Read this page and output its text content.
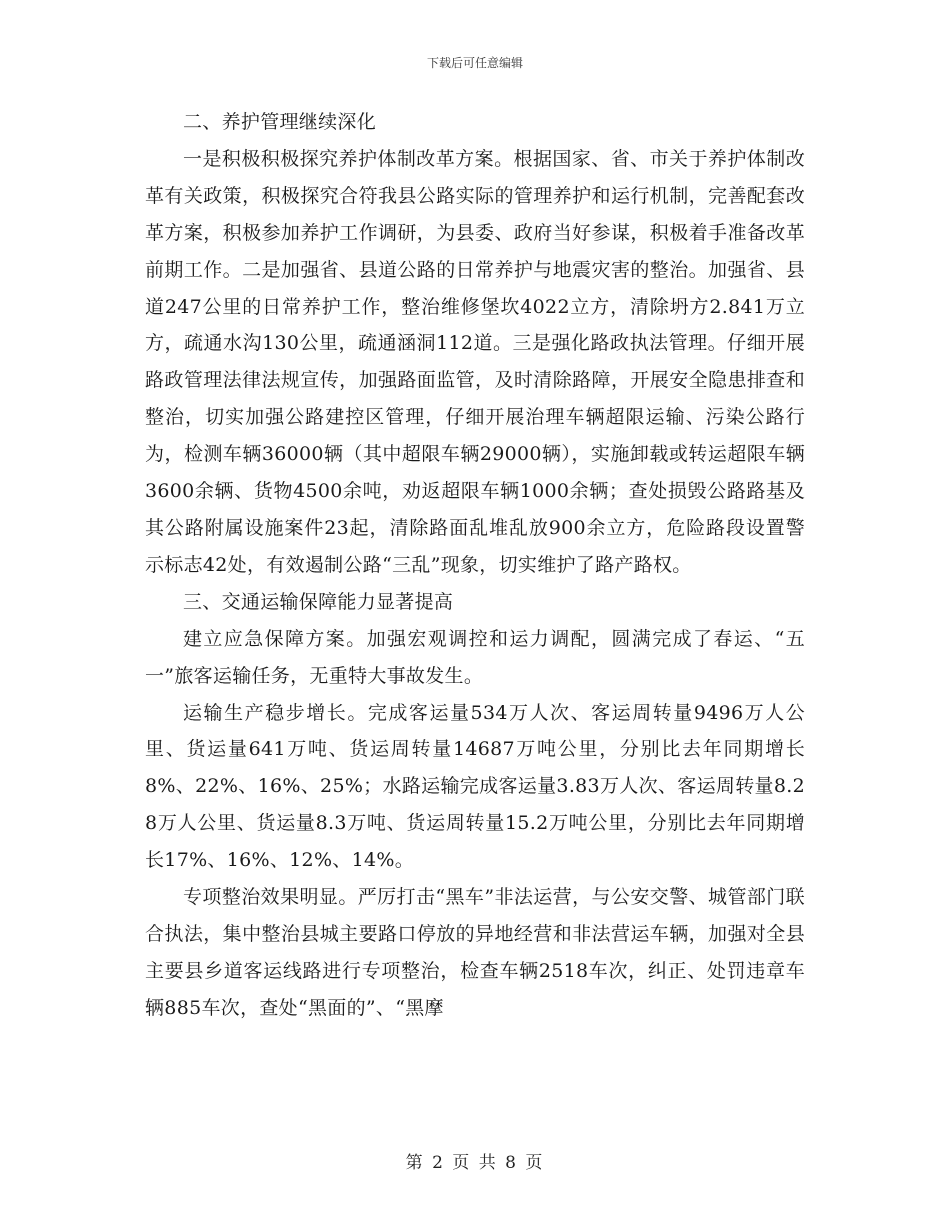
下载后可任意编辑

二、养护管理继续深化

一是积极积极探究养护体制改革方案。根据国家、省、市关于养护体制改革有关政策，积极探究合符我县公路实际的管理养护和运行机制，完善配套改革方案，积极参加养护工作调研，为县委、政府当好参谋，积极着手准备改革前期工作。二是加强省、县道公路的日常养护与地震灾害的整治。加强省、县道247公里的日常养护工作，整治维修堡坎4022立方，清除坍方2.841万立方，疏通水沟130公里，疏通涵洞112道。三是强化路政执法管理。仔细开展路政管理法律法规宣传，加强路面监管，及时清除路障，开展安全隐患排查和整治，切实加强公路建控区管理，仔细开展治理车辆超限运输、污染公路行为，检测车辆36000辆（其中超限车辆29000辆），实施卸载或转运超限车辆3600余辆、货物4500余吨，劝返超限车辆1000余辆；查处损毁公路路基及其公路附属设施案件23起，清除路面乱堆乱放900余立方，危险路段设置警示标志42处，有效遏制公路“三乱”现象，切实维护了路产路权。

三、交通运输保障能力显著提高

建立应急保障方案。加强宏观调控和运力调配，圆满完成了春运、“五一”旅客运输任务，无重特大事故发生。

运输生产稳步增长。完成客运量534万人次、客运周转量9496万人公里、货运量641万吨、货运周转量14687万吨公里，分别比去年同期增长8%、22%、16%、25%；水路运输完成客运量3.83万人次、客运周转量8.28万人公里、货运量8.3万吨、货运周转量15.2万吨公里，分别比去年同期增长17%、16%、12%、14%。

专项整治效果明显。严厉打击“黑车”非法运营，与公安交警、城管部门联合执法，集中整治县城主要路口停放的异地经营和非法营运车辆，加强对全县主要县乡道客运线路进行专项整治，检查车辆2518车次，纠正、处罚违章车辆885车次，查处“黑面的”、“黑摩

第 2 页 共 8 页
